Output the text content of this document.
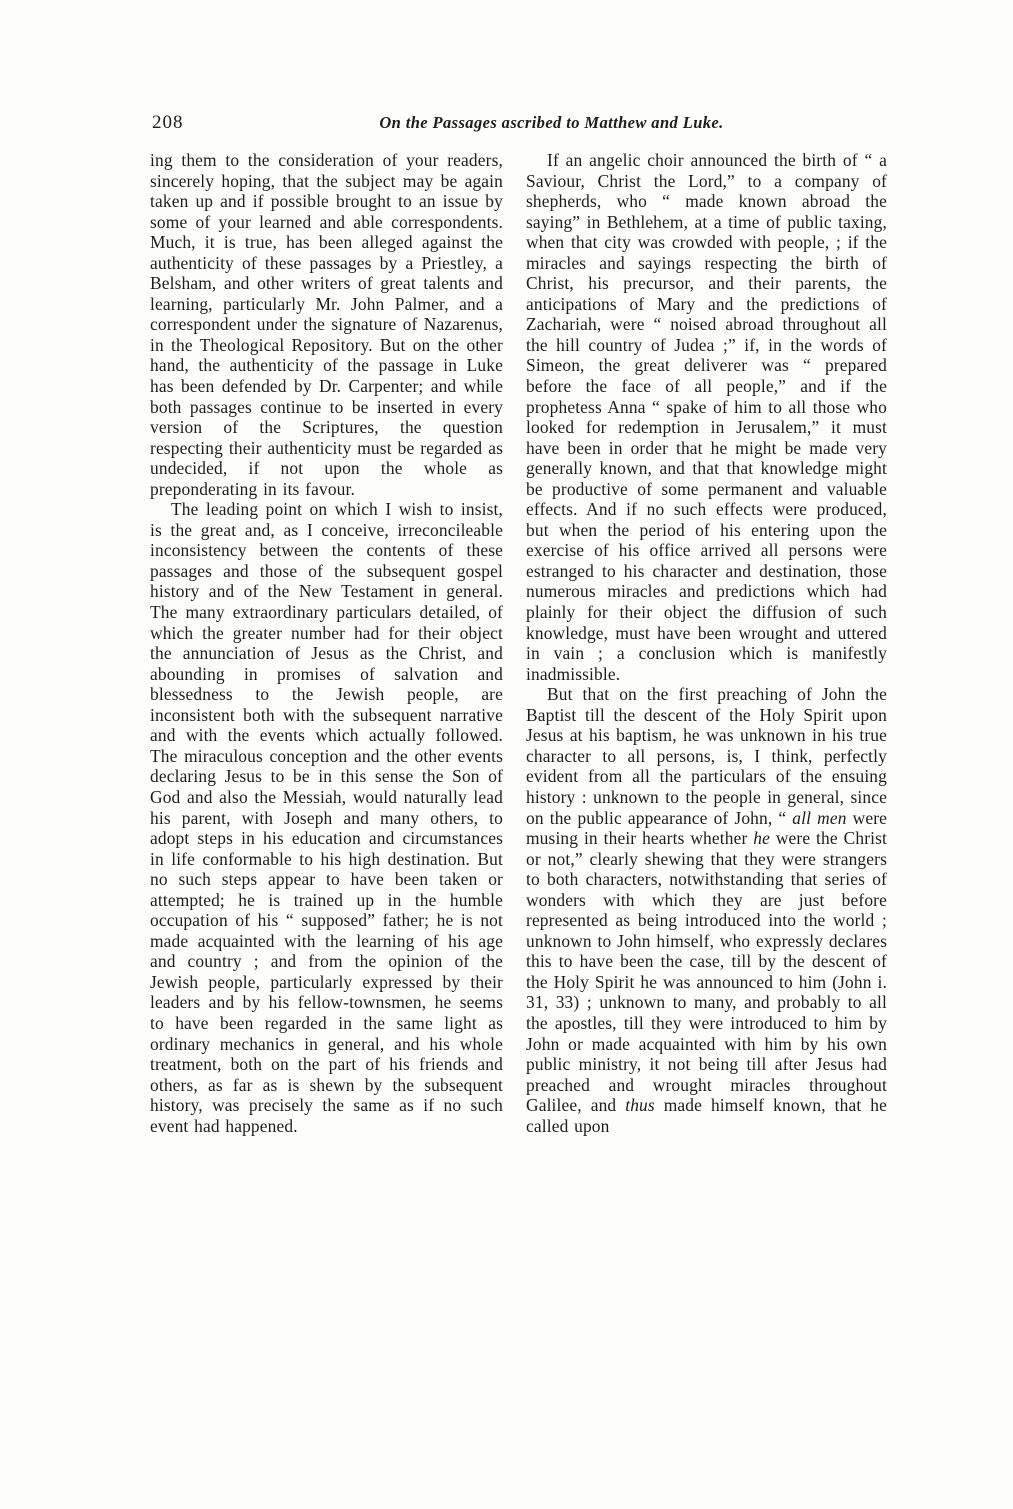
208	On the Passages ascribed to Matthew and Luke.

ing them to the consideration of your readers, sincerely hoping, that the subject may be again taken up and if possible brought to an issue by some of your learned and able correspondents. Much, it is true, has been alleged against the authenticity of these passages by a Priestley, a Belsham, and other writers of great talents and learning, particularly Mr. John Palmer, and a correspondent under the signature of Nazarenus, in the Theological Repository. But on the other hand, the authenticity of the passage in Luke has been defended by Dr. Carpenter; and while both passages continue to be inserted in every version of the Scriptures, the question respecting their authenticity must be regarded as undecided, if not upon the whole as preponderating in its favour.

The leading point on which I wish to insist, is the great and, as I conceive, irreconcileable inconsistency between the contents of these passages and those of the subsequent gospel history and of the New Testament in general. The many extraordinary particulars detailed, of which the greater number had for their object the annunciation of Jesus as the Christ, and abounding in promises of salvation and blessedness to the Jewish people, are inconsistent both with the subsequent narrative and with the events which actually followed. The miraculous conception and the other events declaring Jesus to be in this sense the Son of God and also the Messiah, would naturally lead his parent, with Joseph and many others, to adopt steps in his education and circumstances in life conformable to his high destination. But no such steps appear to have been taken or attempted; he is trained up in the humble occupation of his “ supposed” father; he is not made acquainted with the learning of his age and country ; and from the opinion of the Jewish people, particularly expressed by their leaders and by his fellow-townsmen, he seems to have been regarded in the same light as ordinary mechanics in general, and his whole treatment, both on the part of his friends and others, as far as is shewn by the subsequent history, was precisely the same as if no such event had happened.

If an angelic choir announced the birth of “ a Saviour, Christ the Lord,” to a company of shepherds, who “ made known abroad the saying” in Bethlehem, at a time of public taxing, when that city was crowded with people, ; if the miracles and sayings respecting the birth of Christ, his precursor, and their parents, the anticipations of Mary and the predictions of Zachariah, were “ noised abroad throughout all the hill country of Judea ;” if, in the words of Simeon, the great deliverer was “ prepared before the face of all people,” and if the prophetess Anna “ spake of him to all those who looked for redemption in Jerusalem,” it must have been in order that he might be made very generally known, and that that knowledge might be productive of some permanent and valuable effects. And if no such effects were produced, but when the period of his entering upon the exercise of his office arrived all persons were estranged to his character and destination, those numerous miracles and predictions which had plainly for their object the diffusion of such knowledge, must have been wrought and uttered in vain ; a conclusion which is manifestly inadmissible.

But that on the first preaching of John the Baptist till the descent of the Holy Spirit upon Jesus at his baptism, he was unknown in his true character to all persons, is, I think, perfectly evident from all the particulars of the ensuing history : unknown to the people in general, since on the public appearance of John, “ all men were musing in their hearts whether he were the Christ or not,” clearly shewing that they were strangers to both characters, notwithstanding that series of wonders with which they are just before represented as being introduced into the world ; unknown to John himself, who expressly declares this to have been the case, till by the descent of the Holy Spirit he was announced to him (John i. 31, 33) ; unknown to many, and probably to all the apostles, till they were introduced to him by John or made acquainted with him by his own public ministry, it not being till after Jesus had preached and wrought miracles throughout Galilee, and thus made himself known, that he called upon
